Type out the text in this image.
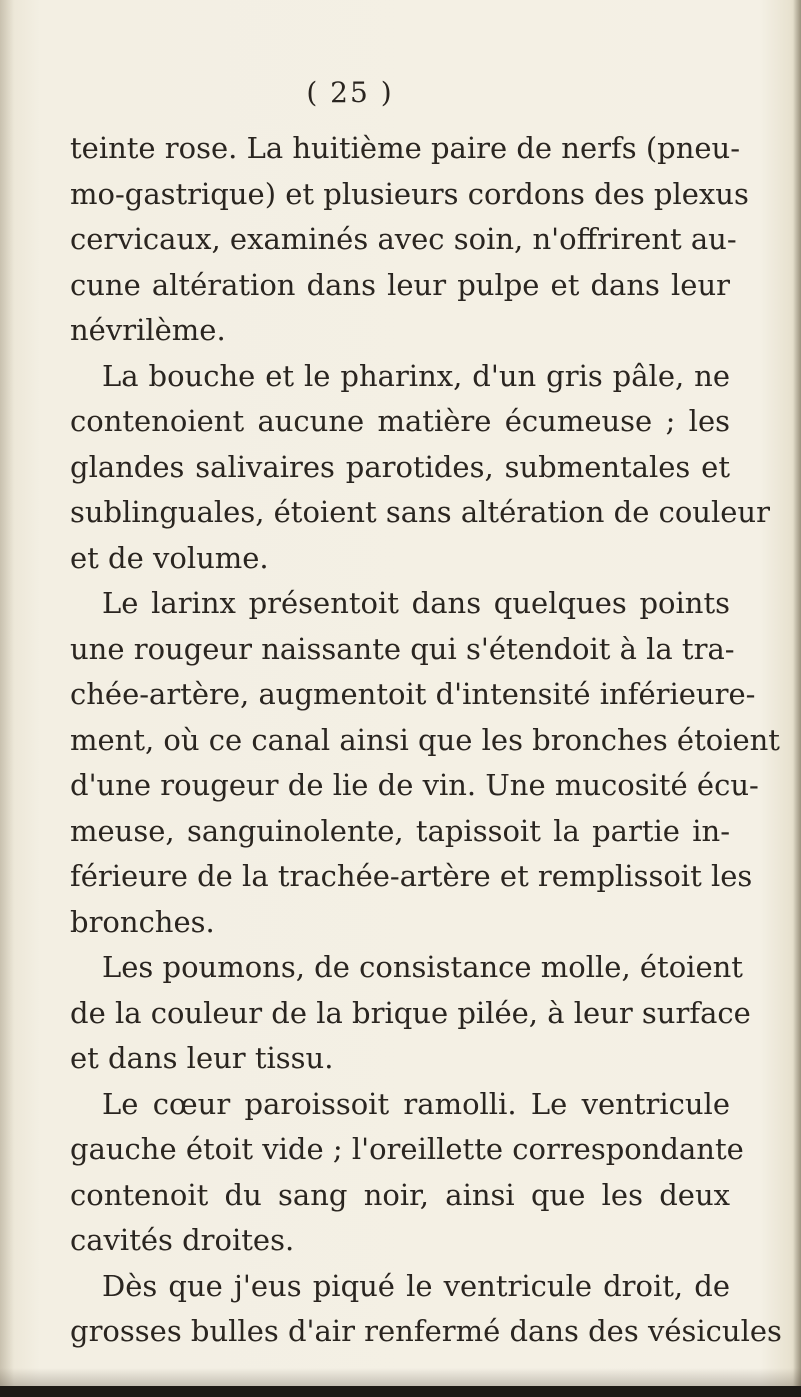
( 25 )
teinte rose. La huitième paire de nerfs (pneu-
mo-gastrique) et plusieurs cordons des plexus
cervicaux, examinés avec soin, n'offrirent au-
cune altération dans leur pulpe et dans leur
névrilème.
La bouche et le pharinx, d'un gris pâle, ne
contenoient aucune matière écumeuse ; les
glandes salivaires parotides, submentales et
sublinguales, étoient sans altération de couleur
et de volume.
Le larinx présentoit dans quelques points
une rougeur naissante qui s'étendoit à la tra-
chée-artère, augmentoit d'intensité inférieure-
ment, où ce canal ainsi que les bronches étoient
d'une rougeur de lie de vin. Une mucosité écu-
meuse, sanguinolente, tapissoit la partie in-
férieure de la trachée-artère et remplissoit les
bronches.
Les poumons, de consistance molle, étoient
de la couleur de la brique pilée, à leur surface
et dans leur tissu.
Le cœur paroissoit ramolli. Le ventricule
gauche étoit vide ; l'oreillette correspondante
contenoit du sang noir, ainsi que les deux
cavités droites.
Dès que j'eus piqué le ventricule droit, de
grosses bulles d'air renfermé dans des vésicules
